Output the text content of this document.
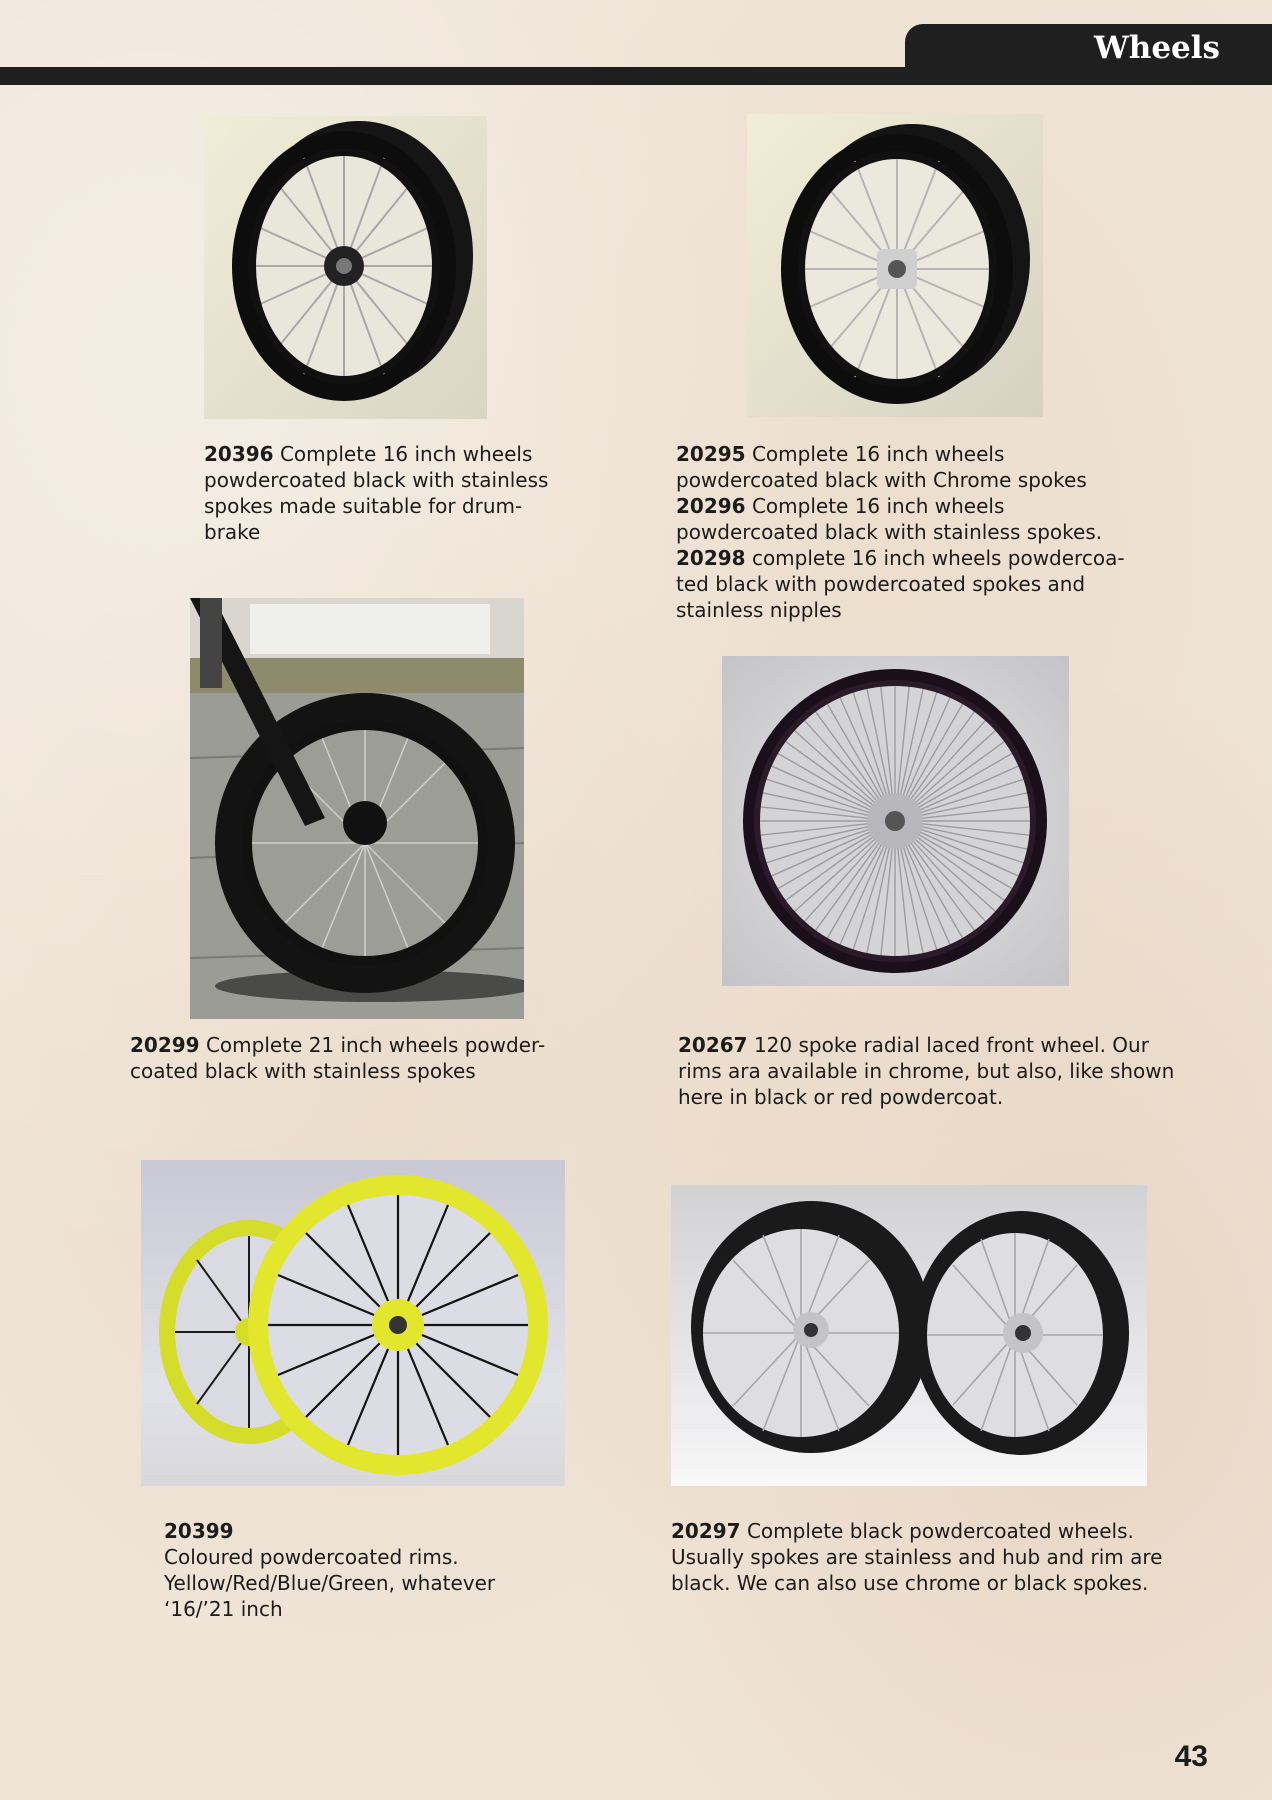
Wheels

20396 Complete 16 inch wheels

powdercoated black with stainless

spokes made suitable for drum-

brake

20295 Complete 16 inch wheels

powdercoated black with Chrome spokes

20296 Complete 16 inch wheels

powdercoated black with stainless spokes.

20298 complete 16 inch wheels powdercoa-

ted black with powdercoated spokes and

stainless nipples

20299 Complete 21 inch wheels powder-

coated black with stainless spokes

20267 120 spoke radial laced front wheel. Our

rims ara available in chrome, but also, like shown

here in black or red powdercoat.

20399

Coloured powdercoated rims.

Yellow/Red/Blue/Green, whatever

‘16/’21 inch

20297 Complete black powdercoated wheels.

Usually spokes are stainless and hub and rim are

black. We can also use chrome or black spokes.

43
